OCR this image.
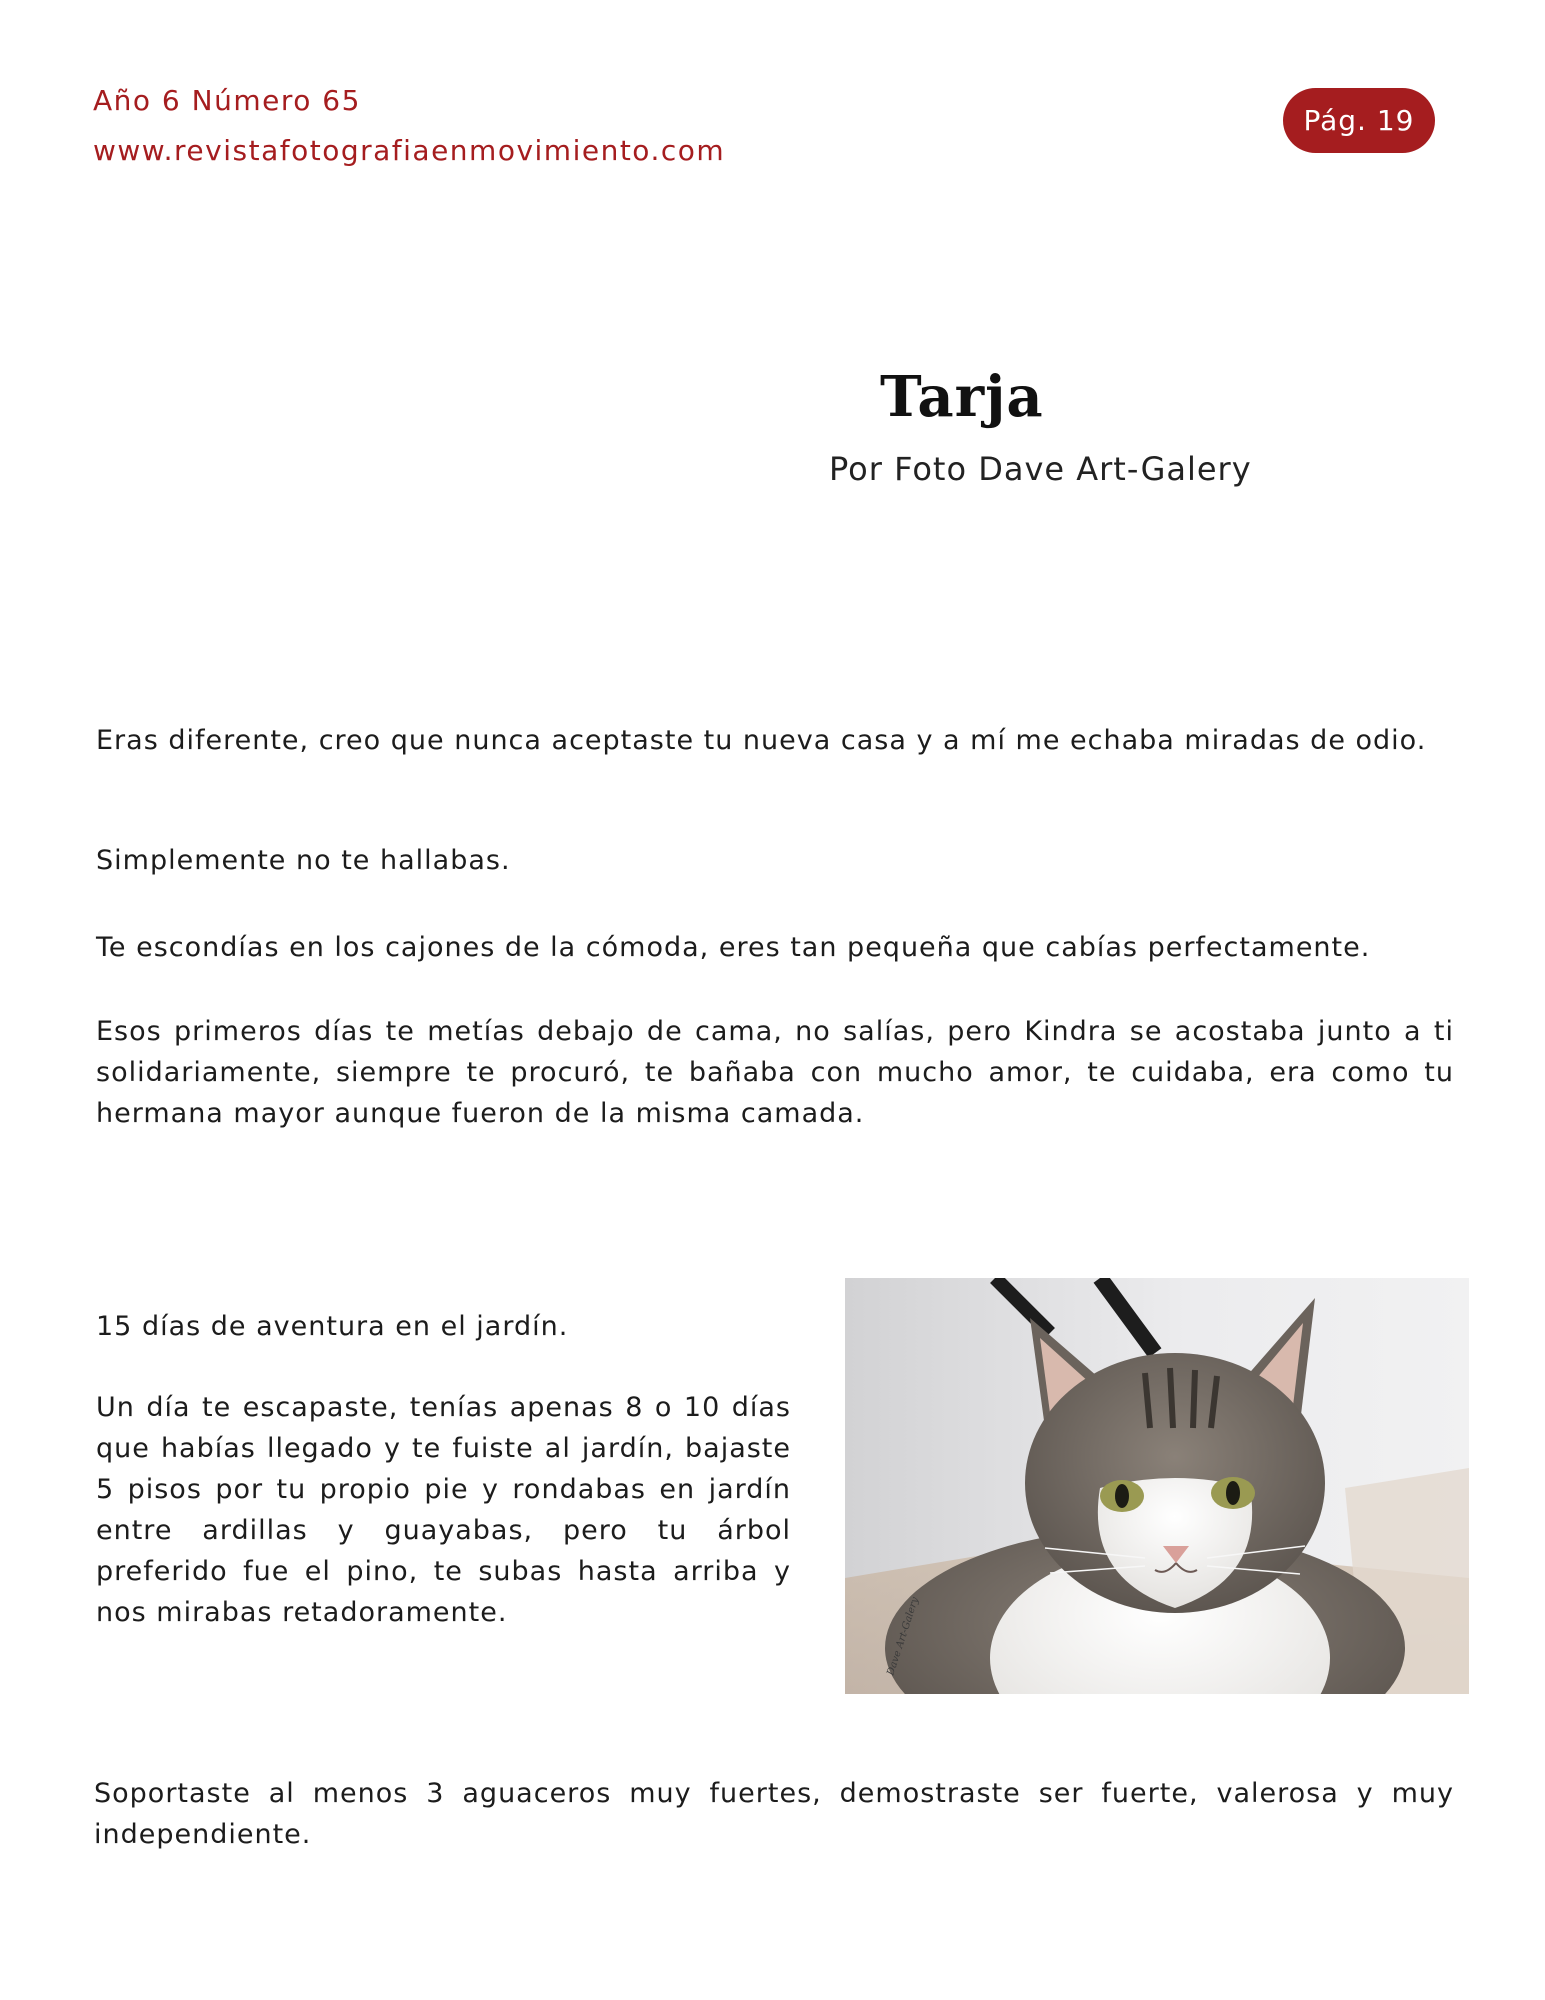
Año 6 Número 65
www.revistafotografiaenmovimiento.com
Pág. 19
Tarja
Por Foto Dave Art-Galery

Eras diferente, creo que nunca aceptaste tu nueva casa y a mí me echaba miradas de odio.

Simplemente no te hallabas.

Te escondías en los cajones de la cómoda, eres tan pequeña que cabías perfectamente.

Esos primeros días te metías debajo de cama, no salías, pero Kindra se acostaba junto a ti solidariamente, siempre te procuró, te bañaba con mucho amor, te cuidaba, era como tu hermana mayor aunque fueron de la misma camada.

15 días de aventura en el jardín.

Un día te escapaste, tenías apenas 8 o 10 días que habías llegado y te fuiste al jardín, bajaste 5 pisos por tu propio pie y rondabas en jardín entre ardillas y guayabas, pero tu árbol preferido fue el pino, te subas hasta arriba y nos mirabas retadoramente.	Dave Art-Galery

Soportaste al menos 3 aguaceros muy fuertes, demostraste ser fuerte, valerosa y muy independiente.
